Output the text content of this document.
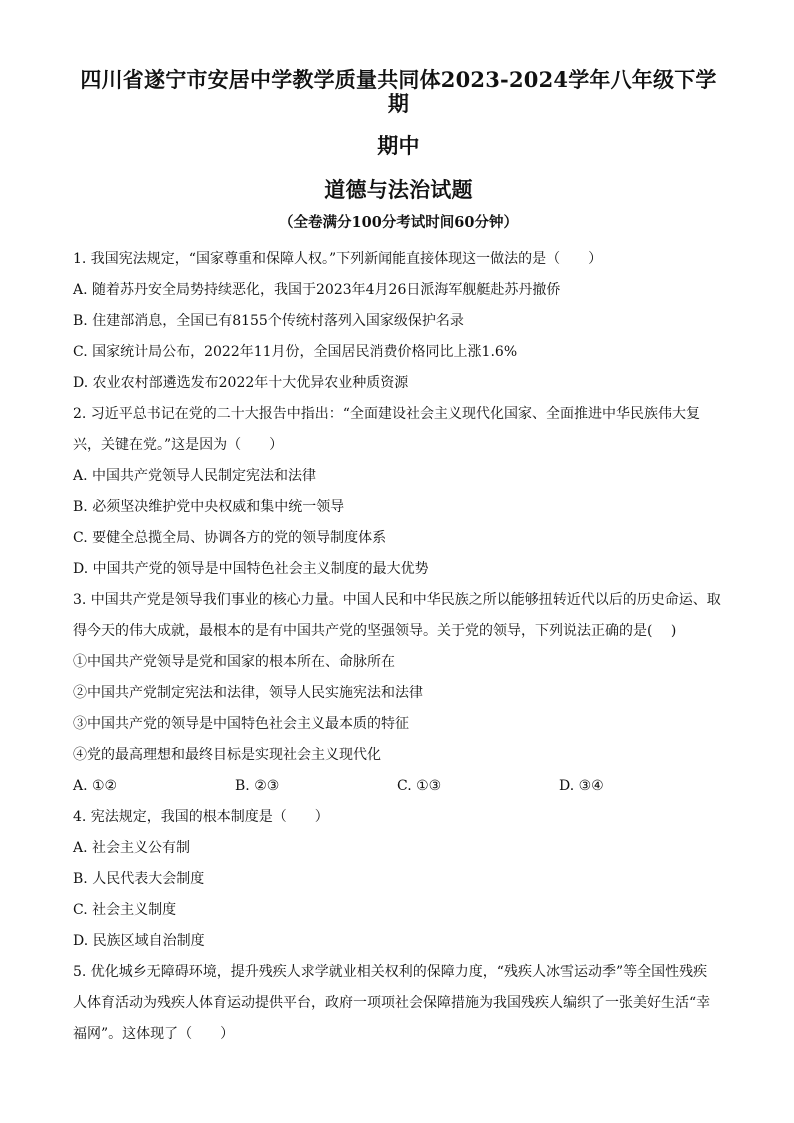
四川省遂宁市安居中学教学质量共同体2023-2024学年八年级下学期
期中
道德与法治试题
（全卷满分100分考试时间60分钟）
1. 我国宪法规定，“国家尊重和保障人权。”下列新闻能直接体现这一做法的是（　　）
A. 随着苏丹安全局势持续恶化，我国于2023年4月26日派海军舰艇赴苏丹撤侨
B. 住建部消息，全国已有8155个传统村落列入国家级保护名录
C. 国家统计局公布，2022年11月份，全国居民消费价格同比上涨1.6%
D. 农业农村部遴选发布2022年十大优异农业种质资源
2. 习近平总书记在党的二十大报告中指出：“全面建设社会主义现代化国家、全面推进中华民族伟大复
兴，关键在党。”这是因为（　　）
A. 中国共产党领导人民制定宪法和法律
B. 必须坚决维护党中央权威和集中统一领导
C. 要健全总揽全局、协调各方的党的领导制度体系
D. 中国共产党的领导是中国特色社会主义制度的最大优势
3. 中国共产党是领导我们事业的核心力量。中国人民和中华民族之所以能够扭转近代以后的历史命运、取
得今天的伟大成就，最根本的是有中国共产党的坚强领导。关于党的领导，下列说法正确的是(　 )
①中国共产党领导是党和国家的根本所在、命脉所在
②中国共产党制定宪法和法律，领导人民实施宪法和法律
③中国共产党的领导是中国特色社会主义最本质的特征
④党的最高理想和最终目标是实现社会主义现代化
A. ①②	B. ②③	C. ①③	D. ③④
4. 宪法规定，我国的根本制度是（　　）
A. 社会主义公有制
B. 人民代表大会制度
C. 社会主义制度
D. 民族区域自治制度
5. 优化城乡无障碍环境，提升残疾人求学就业相关权利的保障力度，“残疾人冰雪运动季”等全国性残疾
人体育活动为残疾人体育运动提供平台，政府一项项社会保障措施为我国残疾人编织了一张美好生活“幸
福网”。这体现了（　　）
